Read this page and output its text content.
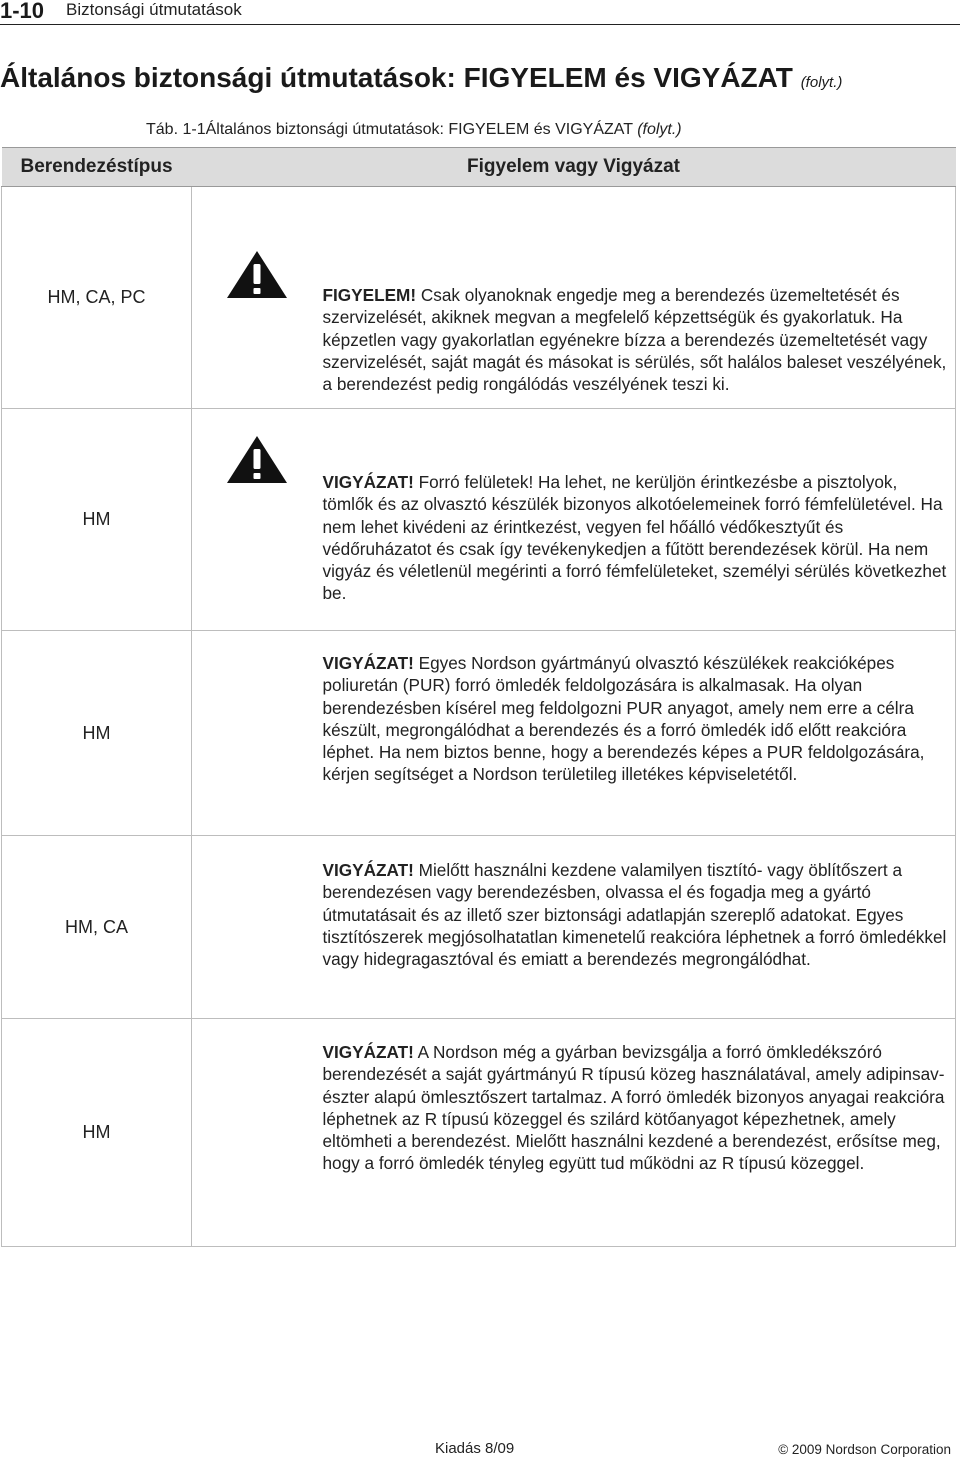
1-10 Biztonsági útmutatások
Általános biztonsági útmutatások: FIGYELEM és VIGYÁZAT (folyt.)
Táb. 1-1Általános biztonsági útmutatások: FIGYELEM és VIGYÁZAT (folyt.)
Berendezéstípus	Figyelem vagy Vigyázat	
HM, CA, PC		FIGYELEM! Csak olyanoknak engedje meg a berendezés üzemeltetését és szervizelését, akiknek megvan a megfelelő képzettségük és gyakorlatuk. Ha képzetlen vagy gyakorlatlan egyénekre bízza a berendezés üzemeltetését vagy szervizelését, saját magát és másokat is sérülés, sőt halálos baleset veszélyének, a berendezést pedig rongálódás veszélyének teszi ki.

HM		VIGYÁZAT! Forró felületek! Ha lehet, ne kerüljön érintkezésbe a pisztolyok, tömlők és az olvasztó készülék bizonyos alkotóelemeinek forró fémfelületével. Ha nem lehet kivédeni az érintkezést, vegyen fel hőálló védőkesztyűt és védőruházatot és csak így tevékenykedjen a fűtött berendezések körül. Ha nem vigyáz és véletlenül megérinti a forró fémfelületeket, személyi sérülés következhet be.

HM		VIGYÁZAT! Egyes Nordson gyártmányú olvasztó készülékek reakcióképes poliuretán (PUR) forró ömledék feldolgozására is alkalmasak. Ha olyan berendezésben kísérel meg feldolgozni PUR anyagot, amely nem erre a célra készült, megrongálódhat a berendezés és a forró ömledék idő előtt reakcióra léphet. Ha nem biztos benne, hogy a berendezés képes a PUR feldolgozására, kérjen segítséget a Nordson területileg illetékes képviseletétől.

HM, CA		VIGYÁZAT! Mielőtt használni kezdene valamilyen tisztító- vagy öblítőszert a berendezésen vagy berendezésben, olvassa el és fogadja meg a gyártó útmutatásait és az illető szer biztonsági adatlapján szereplő adatokat. Egyes tisztítószerek megjósolhatatlan kimenetelű reakcióra léphetnek a forró ömledékkel vagy hidegragasztóval és emiatt a berendezés megrongálódhat.

HM		VIGYÁZAT! A Nordson még a gyárban bevizsgálja a forró ömkledékszóró berendezését a saját gyártmányú R típusú közeg használatával, amely adipinsav-észter alapú ömlesztőszert tartalmaz. A forró ömledék bizonyos anyagai reakcióra léphetnek az R típusú közeggel és szilárd kötőanyagot képezhetnek, amely eltömheti a berendezést. Mielőtt használni kezdené a berendezést, erősítse meg, hogy a forró ömledék tényleg együtt tud működni az R típusú közeggel.

Kiadás 8/09	© 2009 Nordson Corporation
